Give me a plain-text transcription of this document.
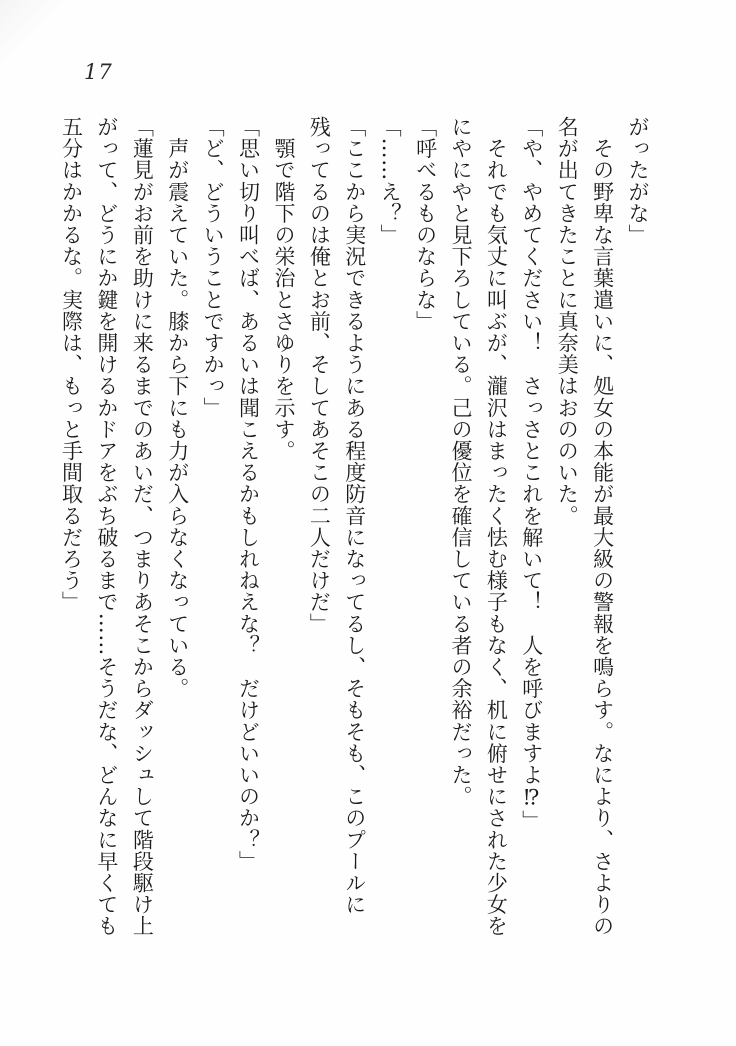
17

がったがな」

　その野卑な言葉遣いに、処女の本能が最大級の警報を鳴らす。なにより、さよりの

名が出てきたことに真奈美はおののいた。

「や、やめてください！　さっさとこれを解いて！　人を呼びますよ⁉」

　それでも気丈に叫ぶが、瀧沢はまったく怯む様子もなく、机に俯せにされた少女を

にやにやと見下ろしている。己の優位を確信している者の余裕だった。

「呼べるものならな」

「……え？」

「ここから実況できるようにある程度防音になってるし、そもそも、このプールに

残ってるのは俺とお前、そしてあそこの二人だけだ」

　顎で階下の栄治とさゆりを示す。

「思い切り叫べば、あるいは聞こえるかもしれねえな？　だけどいいのか？」

「ど、どういうことですかっ」

　声が震えていた。膝から下にも力が入らなくなっている。

「蓮見がお前を助けに来るまでのあいだ、つまりあそこからダッシュして階段駆け上

がって、どうにか鍵を開けるかドアをぶち破るまで……そうだな、どんなに早くても

五分はかかるな。実際は、もっと手間取るだろう」
